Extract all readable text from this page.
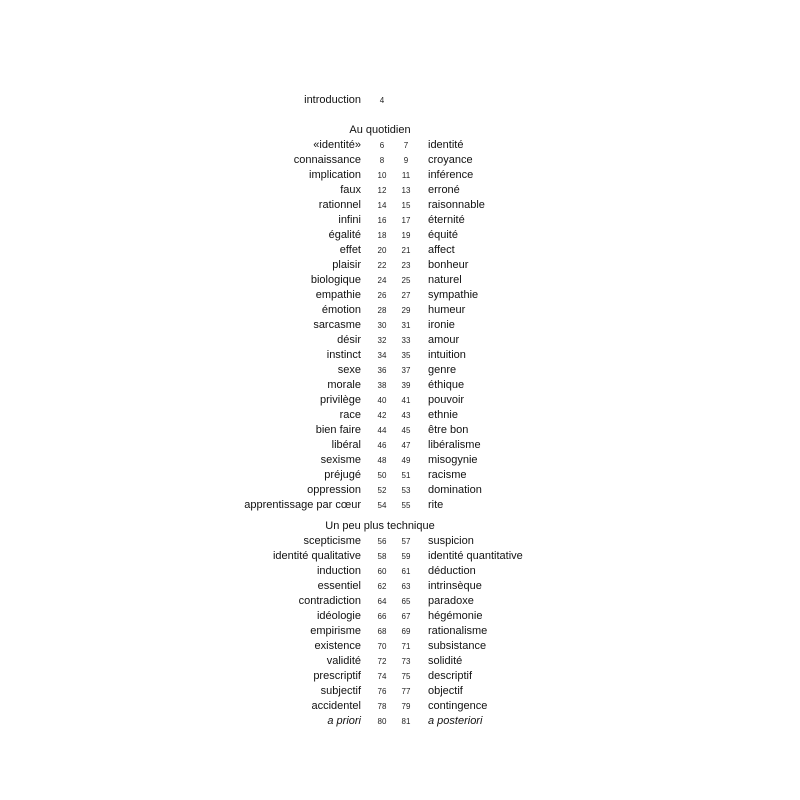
introduction	4
Au quotidien
«identité»	6	7	identité
connaissance	8	9	croyance
implication	10	11	inférence
faux	12	13	erroné
rationnel	14	15	raisonnable
infini	16	17	éternité
égalité	18	19	équité
effet	20	21	affect
plaisir	22	23	bonheur
biologique	24	25	naturel
empathie	26	27	sympathie
émotion	28	29	humeur
sarcasme	30	31	ironie
désir	32	33	amour
instinct	34	35	intuition
sexe	36	37	genre
morale	38	39	éthique
privilège	40	41	pouvoir
race	42	43	ethnie
bien faire	44	45	être bon
libéral	46	47	libéralisme
sexisme	48	49	misogynie
préjugé	50	51	racisme
oppression	52	53	domination
apprentissage par cœur	54	55	rite
Un peu plus technique
scepticisme	56	57	suspicion
identité qualitative	58	59	identité quantitative
induction	60	61	déduction
essentiel	62	63	intrinsèque
contradiction	64	65	paradoxe
idéologie	66	67	hégémonie
empirisme	68	69	rationalisme
existence	70	71	subsistance
validité	72	73	solidité
prescriptif	74	75	descriptif
subjectif	76	77	objectif
accidentel	78	79	contingence
a priori	80	81	a posteriori
